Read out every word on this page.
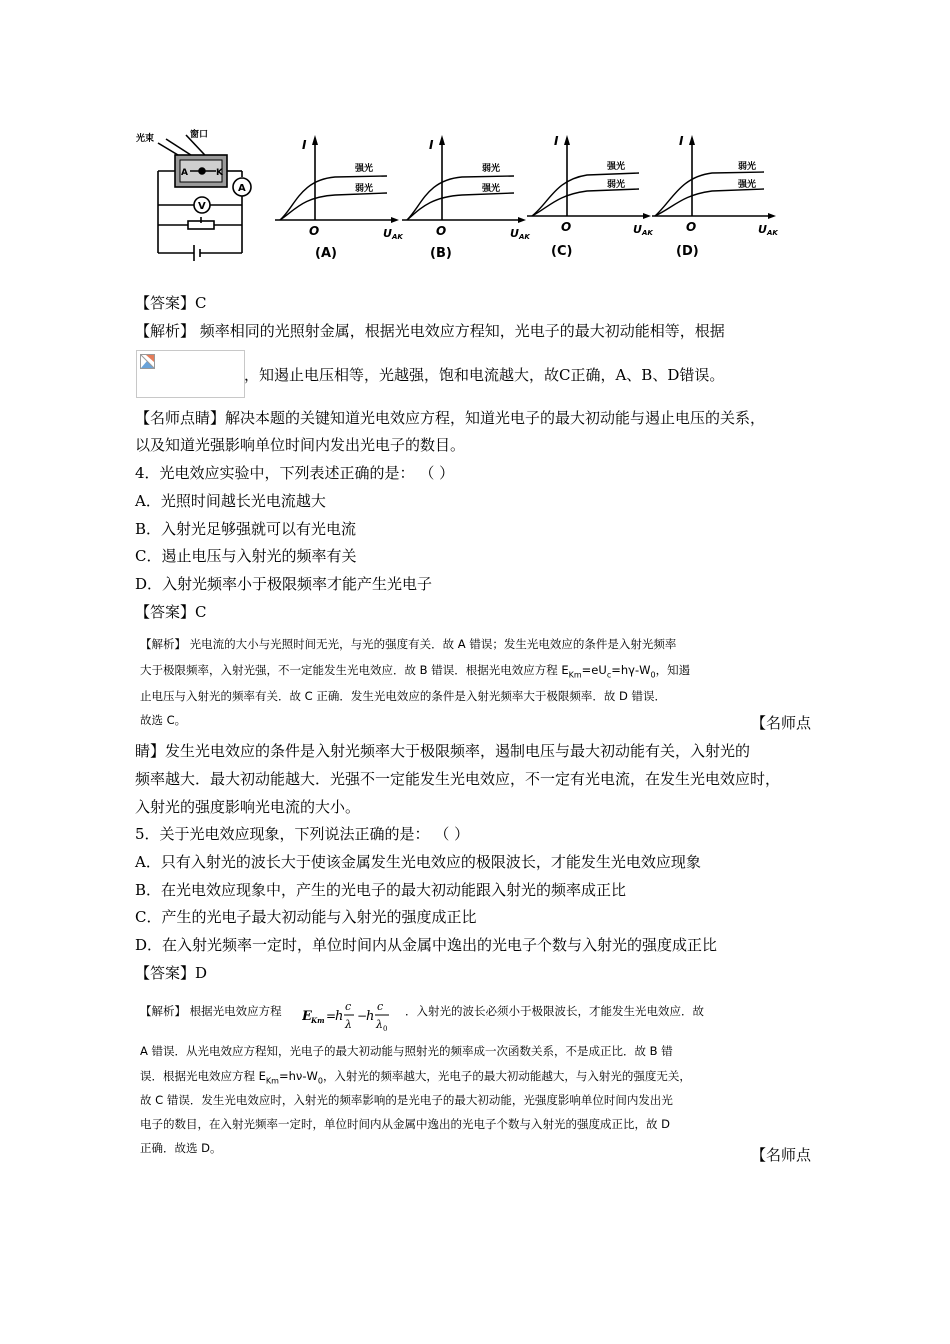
光束	窗口
A	K
A
V
强光
弱光
I
O	UAK
(A)
弱光
强光
I
O	UAK
(B)
强光
弱光
I
O	UAK
(C)
弱光
强光
I
O	UAK
(D)
【答案】C
【解析】 频率相同的光照射金属，根据光电效应方程知，光电子的最大初动能相等，根据
，知遏止电压相等，光越强，饱和电流越大，故C正确，A、B、D错误。
【名师点睛】解决本题的关键知道光电效应方程，知道光电子的最大初动能与遏止电压的关系，
以及知道光强影响单位时间内发出光电子的数目。
4．光电效应实验中，下列表述正确的是： （ ）
A．光照时间越长光电流越大
B．入射光足够强就可以有光电流
C．遏止电压与入射光的频率有关
D．入射光频率小于极限频率才能产生光电子
【答案】C
【解析】 光电流的大小与光照时间无光，与光的强度有关．故 A 错误；发生光电效应的条件是入射光频率
大于极限频率，入射光强，不一定能发生光电效应．故 B 错误．根据光电效应方程 $E_{Km}=eU_c=h\gamma-W_0$，知遏
止电压与入射光的频率有关．故 C 正确．发生光电效应的条件是入射光频率大于极限频率．故 D 错误．
故选 C。	【名师点
睛】发生光电效应的条件是入射光频率大于极限频率，遏制电压与最大初动能有关，入射光的
频率越大．最大初动能越大．光强不一定能发生光电效应，不一定有光电流，在发生光电效应时，
入射光的强度影响光电流的大小。
5．关于光电效应现象，下列说法正确的是： （ ）
A．只有入射光的波长大于使该金属发生光电效应的极限波长，才能发生光电效应现象
B．在光电效应现象中，产生的光电子的最大初动能跟入射光的频率成正比
C．产生的光电子最大初动能与入射光的强度成正比
D．在入射光频率一定时，单位时间内从金属中逸出的光电子个数与入射光的强度成正比
【答案】D
【解析】 根据光电效应方程 E Km =
h
c
λ
−
h
c
λ 0
．入射光的波长必须小于极限波长，才能发生光电效应．故
A 错误．从光电效应方程知，光电子的最大初动能与照射光的频率成一次函数关系，不是成正比．故 B 错
误．根据光电效应方程 $E_{Km}=h\nu-W_0$，入射光的频率越大，光电子的最大初动能越大，与入射光的强度无关，
故 C 错误．发生光电效应时，入射光的频率影响的是光电子的最大初动能，光强度影响单位时间内发出光
电子的数目，在入射光频率一定时，单位时间内从金属中逸出的光电子个数与入射光的强度成正比，故 D
正确．故选 D。	【名师点
